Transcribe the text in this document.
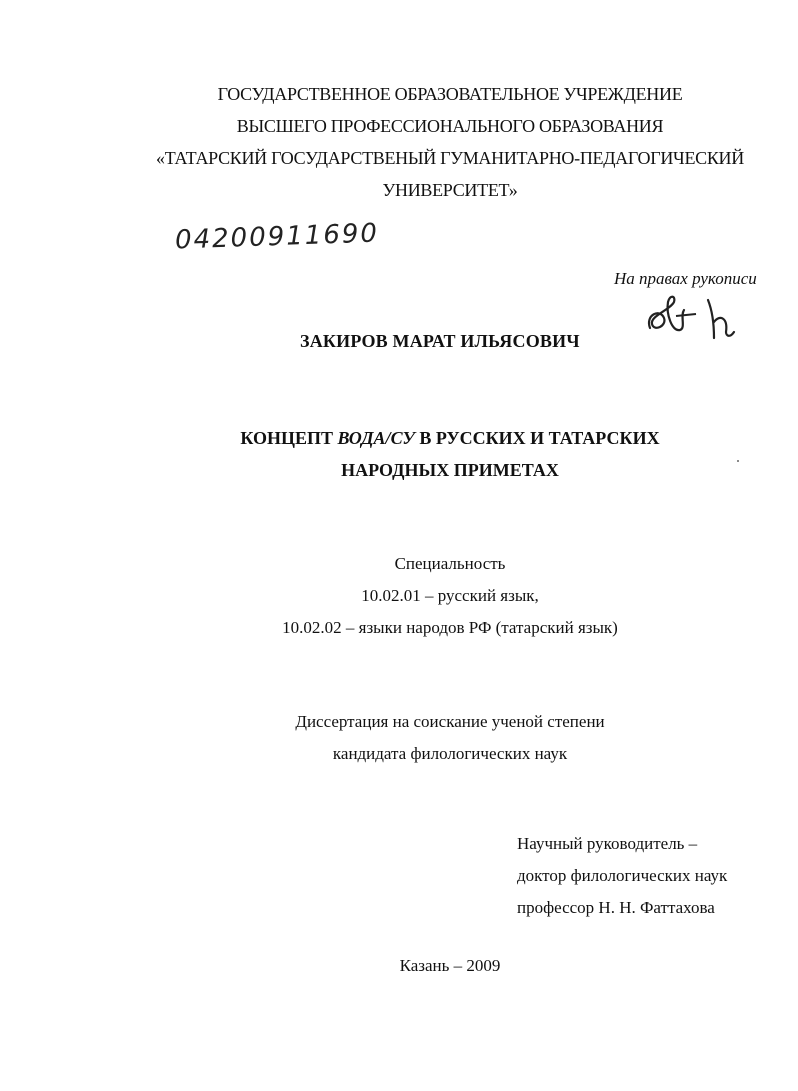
ГОСУДАРСТВЕННОЕ ОБРАЗОВАТЕЛЬНОЕ УЧРЕЖДЕНИЕ
ВЫСШЕГО ПРОФЕССИОНАЛЬНОГО ОБРАЗОВАНИЯ
«ТАТАРСКИЙ ГОСУДАРСТВЕНЫЙ ГУМАНИТАРНО-ПЕДАГОГИЧЕСКИЙ
УНИВЕРСИТЕТ»
04200911690
На правах рукописи
ЗАКИРОВ МАРАТ ИЛЬЯСОВИЧ
КОНЦЕПТ ВОДА/СУ В РУССКИХ И ТАТАРСКИХ
НАРОДНЫХ ПРИМЕТАХ
Специальность
10.02.01 – русский язык,
10.02.02 – языки народов РФ (татарский язык)
Диссертация на соискание ученой степени
кандидата филологических наук
Научный руководитель –
доктор филологических наук
профессор Н. Н. Фаттахова
Казань – 2009
